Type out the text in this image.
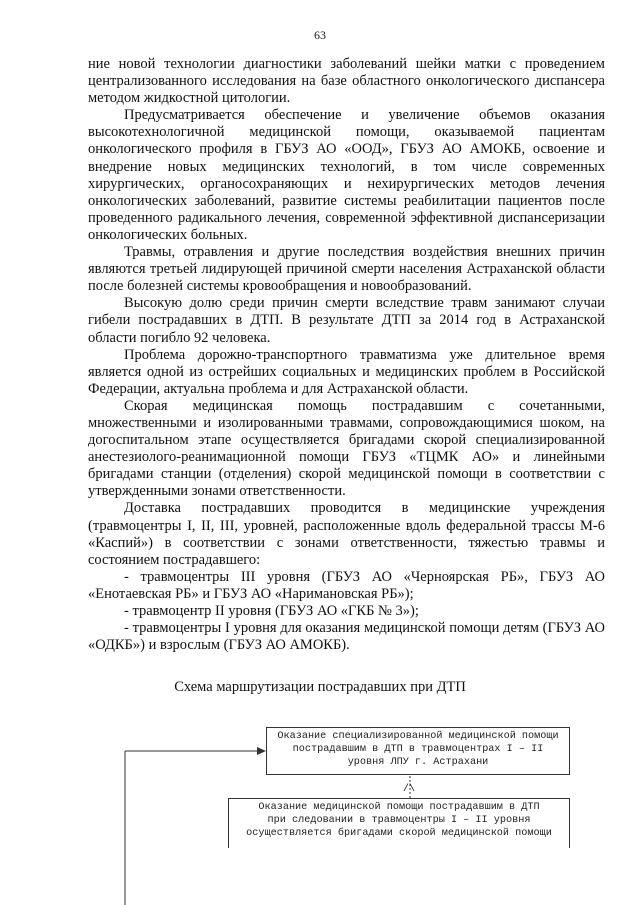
63

ние новой технологии диагностики заболеваний шейки матки с проведением централизованного исследования на базе областного онкологического диспансера методом жидкостной цитологии.

Предусматривается обеспечение и увеличение объемов оказания высокотехнологичной медицинской помощи, оказываемой пациентам онкологического профиля в ГБУЗ АО «ООД», ГБУЗ АО АМОКБ, освоение и внедрение новых медицинских технологий, в том числе современных хирургических, органосохраняющих и нехирургических методов лечения онкологических заболеваний, развитие системы реабилитации пациентов после проведенного радикального лечения, современной эффективной диспансеризации онкологических больных.

Травмы, отравления и другие последствия воздействия внешних причин являются третьей лидирующей причиной смерти населения Астраханской области после болезней системы кровообращения и новообразований.

Высокую долю среди причин смерти вследствие травм занимают случаи гибели пострадавших в ДТП. В результате ДТП за 2014 год в Астраханской области погибло 92 человека.

Проблема дорожно-транспортного травматизма уже длительное время является одной из острейших социальных и медицинских проблем в Российской Федерации, актуальна проблема и для Астраханской области.

Скорая медицинская помощь пострадавшим с сочетанными, множественными и изолированными травмами, сопровождающимися шоком, на догоспитальном этапе осуществляется бригадами скорой специализированной анестезиолого-реанимационной помощи ГБУЗ «ТЦМК АО» и линейными бригадами станции (отделения) скорой медицинской помощи в соответствии с утвержденными зонами ответственности.

Доставка пострадавших проводится в медицинские учреждения (травмоцентры I, II, III, уровней, расположенные вдоль федеральной трассы М-6 «Каспий») в соответствии с зонами ответственности, тяжестью травмы и состоянием пострадавшего:

- травмоцентры III уровня (ГБУЗ АО «Черноярская РБ», ГБУЗ АО «Енотаевская РБ» и ГБУЗ АО «Наримановская РБ»);

- травмоцентр II уровня (ГБУЗ АО «ГКБ № 3»);

- травмоцентры I уровня для оказания медицинской помощи детям (ГБУЗ АО «ОДКБ») и взрослым (ГБУЗ АО АМОКБ).

Схема маршрутизации пострадавших при ДТП
/\
Оказание специализированной медицинской помощи
пострадавшим в ДТП в травмоцентрах I – II
уровня ЛПУ г. Астрахани
Оказание медицинской помощи пострадавшим в ДТП
при следовании в травмоцентры I – II уровня
осуществляется бригадами скорой медицинской помощи
